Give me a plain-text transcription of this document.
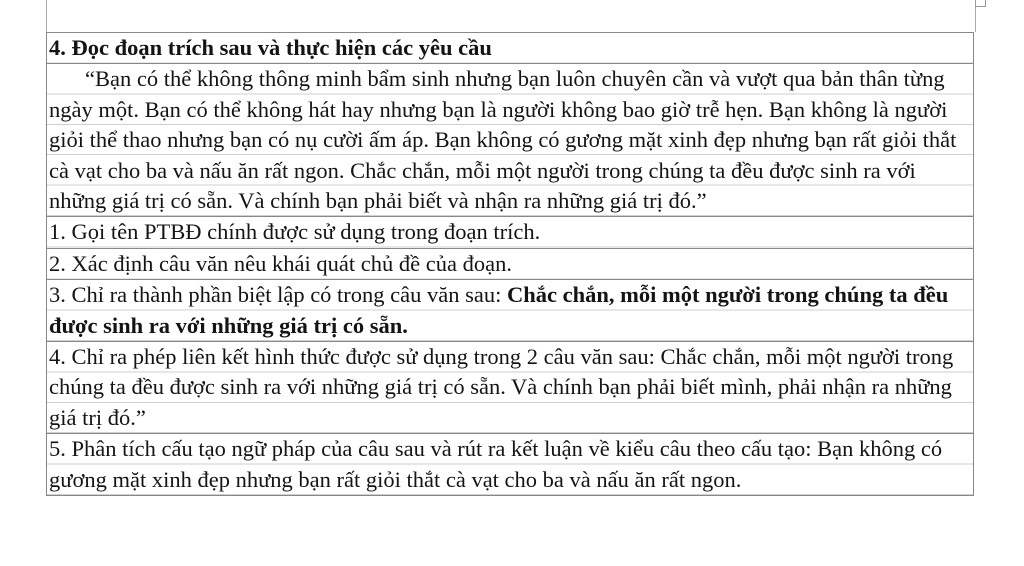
4. Đọc đoạn trích sau và thực hiện các yêu cầu
“Bạn có thể không thông minh bẩm sinh nhưng bạn luôn chuyên cần và vượt qua bản thân từng ngày một. Bạn có thể không hát hay nhưng bạn là người không bao giờ trễ hẹn. Bạn không là người giỏi thể thao nhưng bạn có nụ cười ấm áp. Bạn không có gương mặt xinh đẹp nhưng bạn rất giỏi thắt cà vạt cho ba và nấu ăn rất ngon. Chắc chắn, mỗi một người trong chúng ta đều được sinh ra với những giá trị có sẵn. Và chính bạn phải biết và nhận ra những giá trị đó.”
1. Gọi tên PTBĐ chính được sử dụng trong đoạn trích.
2. Xác định câu văn nêu khái quát chủ đề của đoạn.
3. Chỉ ra thành phần biệt lập có trong câu văn sau: Chắc chắn, mỗi một người trong chúng ta đều được sinh ra với những giá trị có sẵn.
4. Chỉ ra phép liên kết hình thức được sử dụng trong 2 câu văn sau: Chắc chắn, mỗi một người trong chúng ta đều được sinh ra với những giá trị có sẵn. Và chính bạn phải biết mình, phải nhận ra những giá trị đó.”
5. Phân tích cấu tạo ngữ pháp của câu sau và rút ra kết luận về kiểu câu theo cấu tạo: Bạn không có gương mặt xinh đẹp nhưng bạn rất giỏi thắt cà vạt cho ba và nấu ăn rất ngon.
